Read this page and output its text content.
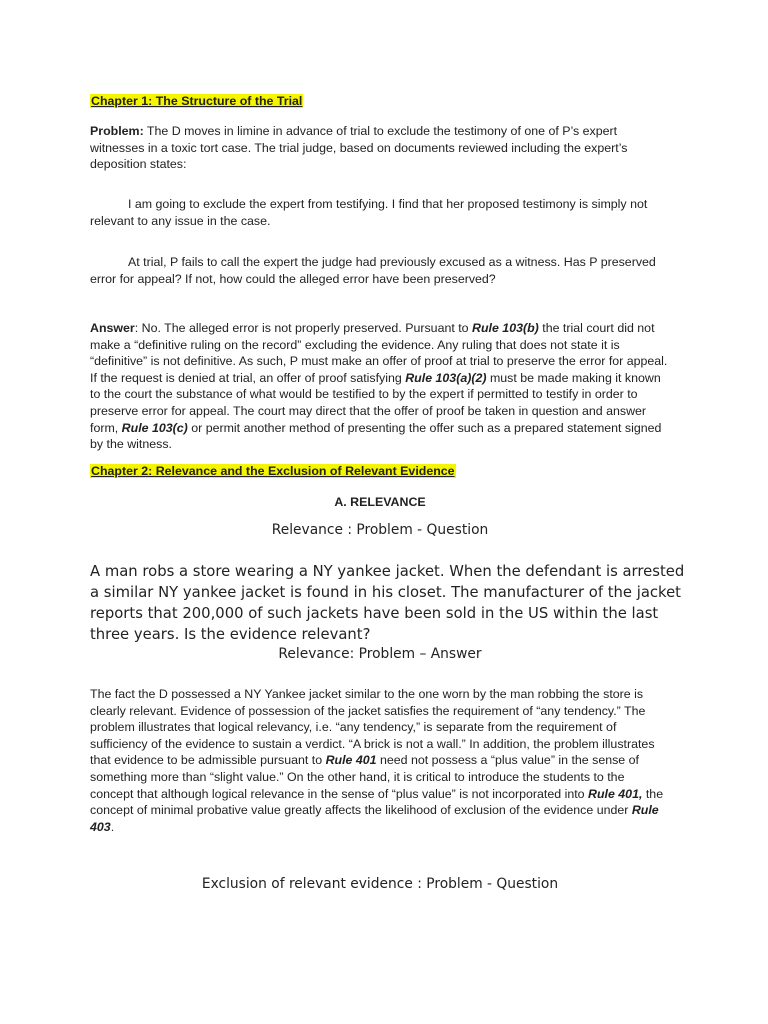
Chapter 1: The Structure of the Trial
Problem: The D moves in limine in advance of trial to exclude the testimony of one of P’s expert witnesses in a toxic tort case. The trial judge, based on documents reviewed including the expert’s deposition states:
I am going to exclude the expert from testifying. I find that her proposed testimony is simply not relevant to any issue in the case.
At trial, P fails to call the expert the judge had previously excused as a witness. Has P preserved error for appeal? If not, how could the alleged error have been preserved?
Answer: No. The alleged error is not properly preserved. Pursuant to Rule 103(b) the trial court did not make a “definitive ruling on the record” excluding the evidence. Any ruling that does not state it is “definitive” is not definitive. As such, P must make an offer of proof at trial to preserve the error for appeal. If the request is denied at trial, an offer of proof satisfying Rule 103(a)(2) must be made making it known to the court the substance of what would be testified to by the expert if permitted to testify in order to preserve error for appeal. The court may direct that the offer of proof be taken in question and answer form, Rule 103(c) or permit another method of presenting the offer such as a prepared statement signed by the witness.
Chapter 2: Relevance and the Exclusion of Relevant Evidence
A. RELEVANCE
Relevance : Problem - Question
A man robs a store wearing a NY yankee jacket. When the defendant is arrested a similar NY yankee jacket is found in his closet. The manufacturer of the jacket reports that 200,000 of such jackets have been sold in the US within the last three years. Is the evidence relevant?
Relevance: Problem – Answer
The fact the D possessed a NY Yankee jacket similar to the one worn by the man robbing the store is clearly relevant. Evidence of possession of the jacket satisfies the requirement of “any tendency.” The problem illustrates that logical relevancy, i.e. “any tendency,” is separate from the requirement of sufficiency of the evidence to sustain a verdict. “A brick is not a wall.” In addition, the problem illustrates that evidence to be admissible pursuant to Rule 401 need not possess a “plus value” in the sense of something more than “slight value.” On the other hand, it is critical to introduce the students to the concept that although logical relevance in the sense of “plus value” is not incorporated into Rule 401, the concept of minimal probative value greatly affects the likelihood of exclusion of the evidence under Rule 403.
Exclusion of relevant evidence : Problem - Question
